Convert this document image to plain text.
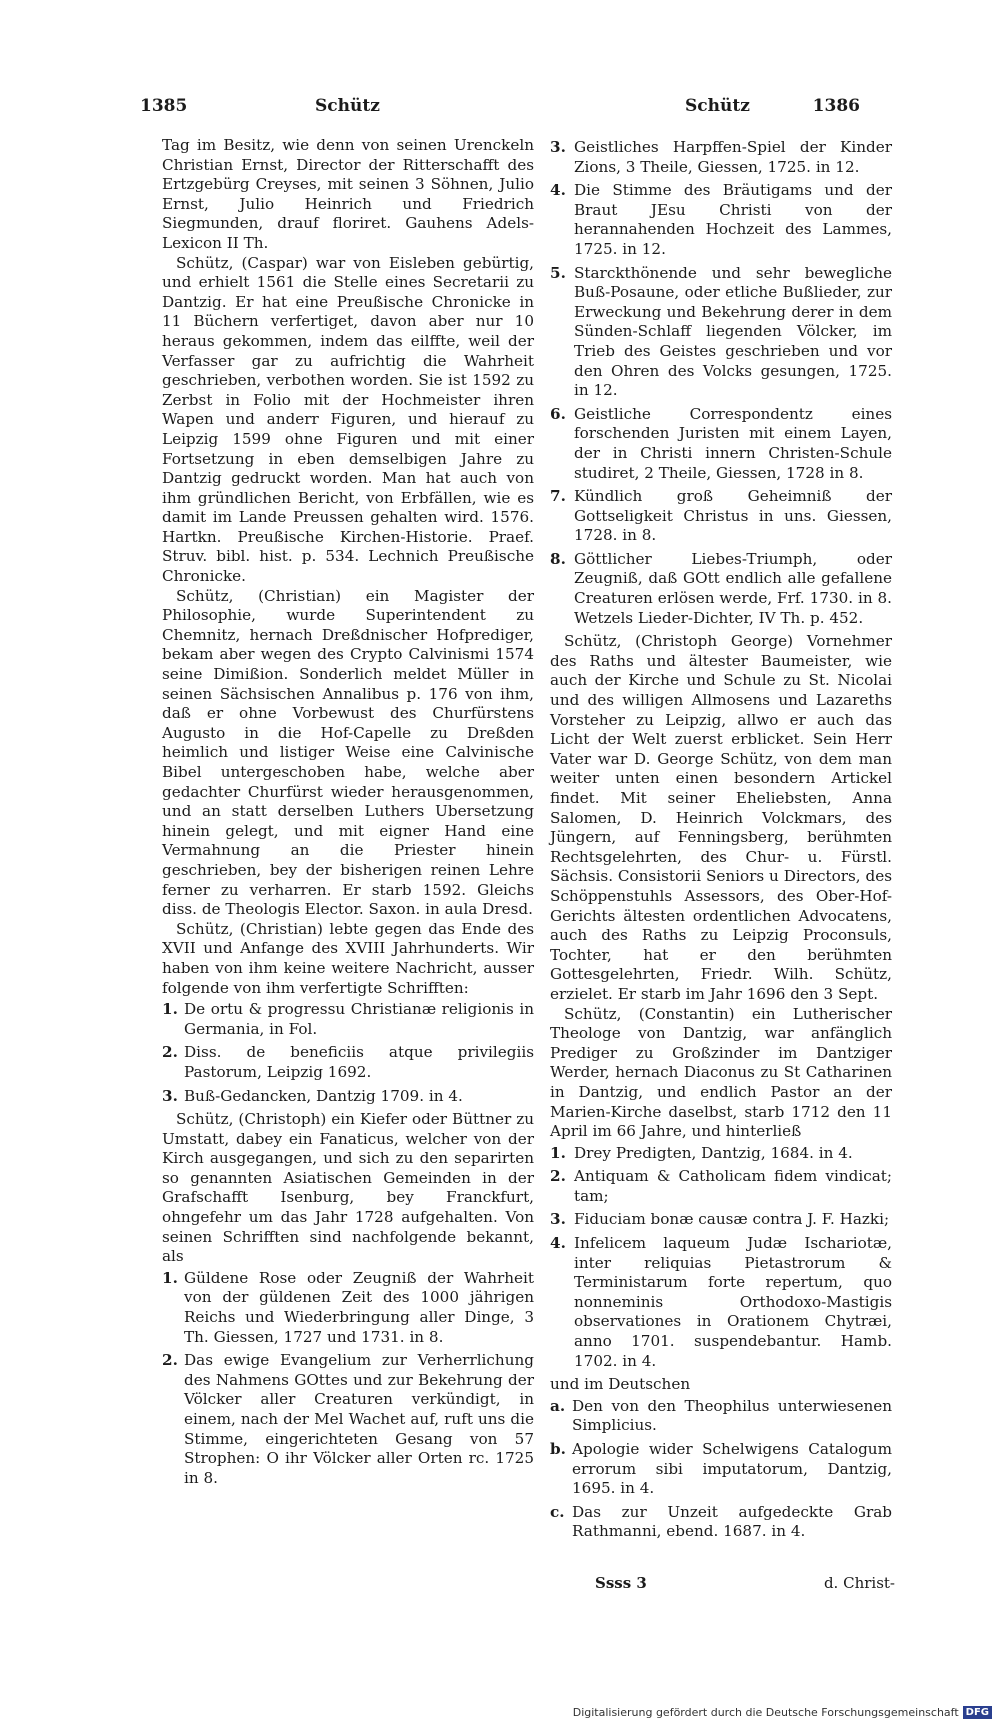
1385	Schütz	Schütz	1386

Tag im Besitz, wie denn von seinen Urenckeln Christian Ernst, Director der Ritterschafft des Ertzgebürg Creyses, mit seinen 3 Söhnen, Julio Ernst, Julio Heinrich und Friedrich Siegmunden, drauf floriret. Gauhens Adels-Lexicon II Th.

Schütz, (Caspar) war von Eisleben gebürtig, und erhielt 1561 die Stelle eines Secretarii zu Dantzig. Er hat eine Preußische Chronicke in 11 Büchern verfertiget, davon aber nur 10 heraus gekommen, indem das eilffte, weil der Verfasser gar zu aufrichtig die Wahrheit geschrieben, verbothen worden. Sie ist 1592 zu Zerbst in Folio mit der Hochmeister ihren Wapen und anderr Figuren, und hierauf zu Leipzig 1599 ohne Figuren und mit einer Fortsetzung in eben demselbigen Jahre zu Dantzig gedruckt worden. Man hat auch von ihm gründlichen Bericht, von Erbfällen, wie es damit im Lande Preussen gehalten wird. 1576. Hartkn. Preußische Kirchen-Historie. Praef. Struv. bibl. hist. p. 534. Lechnich Preußische Chronicke.

Schütz, (Christian) ein Magister der Philosophie, wurde Superintendent zu Chemnitz, hernach Dreßdnischer Hofprediger, bekam aber wegen des Crypto Calvinismi 1574 seine Dimißion. Sonderlich meldet Müller in seinen Sächsischen Annalibus p. 176 von ihm, daß er ohne Vorbewust des Churfürstens Augusto in die Hof-Capelle zu Dreßden heimlich und listiger Weise eine Calvinische Bibel untergeschoben habe, welche aber gedachter Churfürst wieder herausgenommen, und an statt derselben Luthers Ubersetzung hinein gelegt, und mit eigner Hand eine Vermahnung an die Priester hinein geschrieben, bey der bisherigen reinen Lehre ferner zu verharren. Er starb 1592. Gleichs diss. de Theologis Elector. Saxon. in aula Dresd.

Schütz, (Christian) lebte gegen das Ende des XVII und Anfange des XVIII Jahrhunderts. Wir haben von ihm keine weitere Nachricht, ausser folgende von ihm verfertigte Schrifften:

1. De ortu & progressu Christianæ religionis in Germania, in Fol.
2. Diss. de beneficiis atque privilegiis Pastorum, Leipzig 1692.
3. Buß-Gedancken, Dantzig 1709. in 4.

Schütz, (Christoph) ein Kiefer oder Büttner zu Umstatt, dabey ein Fanaticus, welcher von der Kirch ausgegangen, und sich zu den separirten so genannten Asiatischen Gemeinden in der Grafschafft Isenburg, bey Franckfurt, ohngefehr um das Jahr 1728 aufgehalten. Von seinen Schrifften sind nachfolgende bekannt, als

1. Güldene Rose oder Zeugniß der Wahrheit von der güldenen Zeit des 1000 jährigen Reichs und Wiederbringung aller Dinge, 3 Th. Giessen, 1727 und 1731. in 8.
2. Das ewige Evangelium zur Verherrlichung des Nahmens GOttes und zur Bekehrung der Völcker aller Creaturen verkündigt, in einem, nach der Mel Wachet auf, ruft uns die Stimme, eingerichteten Gesang von 57 Strophen: O ihr Völcker aller Orten rc. 1725 in 8.
3. Geistliches Harpffen-Spiel der Kinder Zions, 3 Theile, Giessen, 1725. in 12.
4. Die Stimme des Bräutigams und der Braut JEsu Christi von der herannahenden Hochzeit des Lammes, 1725. in 12.
5. Starckthönende und sehr bewegliche Buß-Posaune, oder etliche Bußlieder, zur Erweckung und Bekehrung derer in dem Sünden-Schlaff liegenden Völcker, im Trieb des Geistes geschrieben und vor den Ohren des Volcks gesungen, 1725. in 12.
6. Geistliche Correspondentz eines forschenden Juristen mit einem Layen, der in Christi innern Christen-Schule studiret, 2 Theile, Giessen, 1728 in 8.
7. Kündlich groß Geheimniß der Gottseligkeit Christus in uns. Giessen, 1728. in 8.
8. Göttlicher Liebes-Triumph, oder Zeugniß, daß GOtt endlich alle gefallene Creaturen erlösen werde, Frf. 1730. in 8. Wetzels Lieder-Dichter, IV Th. p. 452.

Schütz, (Christoph George) Vornehmer des Raths und ältester Baumeister, wie auch der Kirche und Schule zu St. Nicolai und des willigen Allmosens und Lazareths Vorsteher zu Leipzig, allwo er auch das Licht der Welt zuerst erblicket. Sein Herr Vater war D. George Schütz, von dem man weiter unten einen besondern Artickel findet. Mit seiner Eheliebsten, Anna Salomen, D. Heinrich Volckmars, des Jüngern, auf Fenningsberg, berühmten Rechtsgelehrten, des Chur- u. Fürstl. Sächsis. Consistorii Seniors u Directors, des Schöppenstuhls Assessors, des Ober-Hof-Gerichts ältesten ordentlichen Advocatens, auch des Raths zu Leipzig Proconsuls, Tochter, hat er den berühmten Gottesgelehrten, Friedr. Wilh. Schütz, erzielet. Er starb im Jahr 1696 den 3 Sept.

Schütz, (Constantin) ein Lutherischer Theologe von Dantzig, war anfänglich Prediger zu Großzinder im Dantziger Werder, hernach Diaconus zu St Catharinen in Dantzig, und endlich Pastor an der Marien-Kirche daselbst, starb 1712 den 11 April im 66 Jahre, und hinterließ

1. Drey Predigten, Dantzig, 1684. in 4.
2. Antiquam & Catholicam fidem vindicat; tam;
3. Fiduciam bonæ causæ contra J. F. Hazki;
4. Infelicem laqueum Judæ Ischariotæ, inter reliquias Pietastrorum & Terministarum forte repertum, quo nonneminis Orthodoxo-Mastigis observationes in Orationem Chytræi, anno 1701. suspendebantur. Hamb. 1702. in 4.

und im Deutschen

a. Den von den Theophilus unterwiesenen Simplicius.
b. Apologie wider Schelwigens Catalogum errorum sibi imputatorum, Dantzig, 1695. in 4.
c. Das zur Unzeit aufgedeckte Grab Rathmanni, ebend. 1687. in 4.
Ssss 3	d. Christ-
Digitalisierung gefördert durch die Deutsche Forschungsgemeinschaft DFG
